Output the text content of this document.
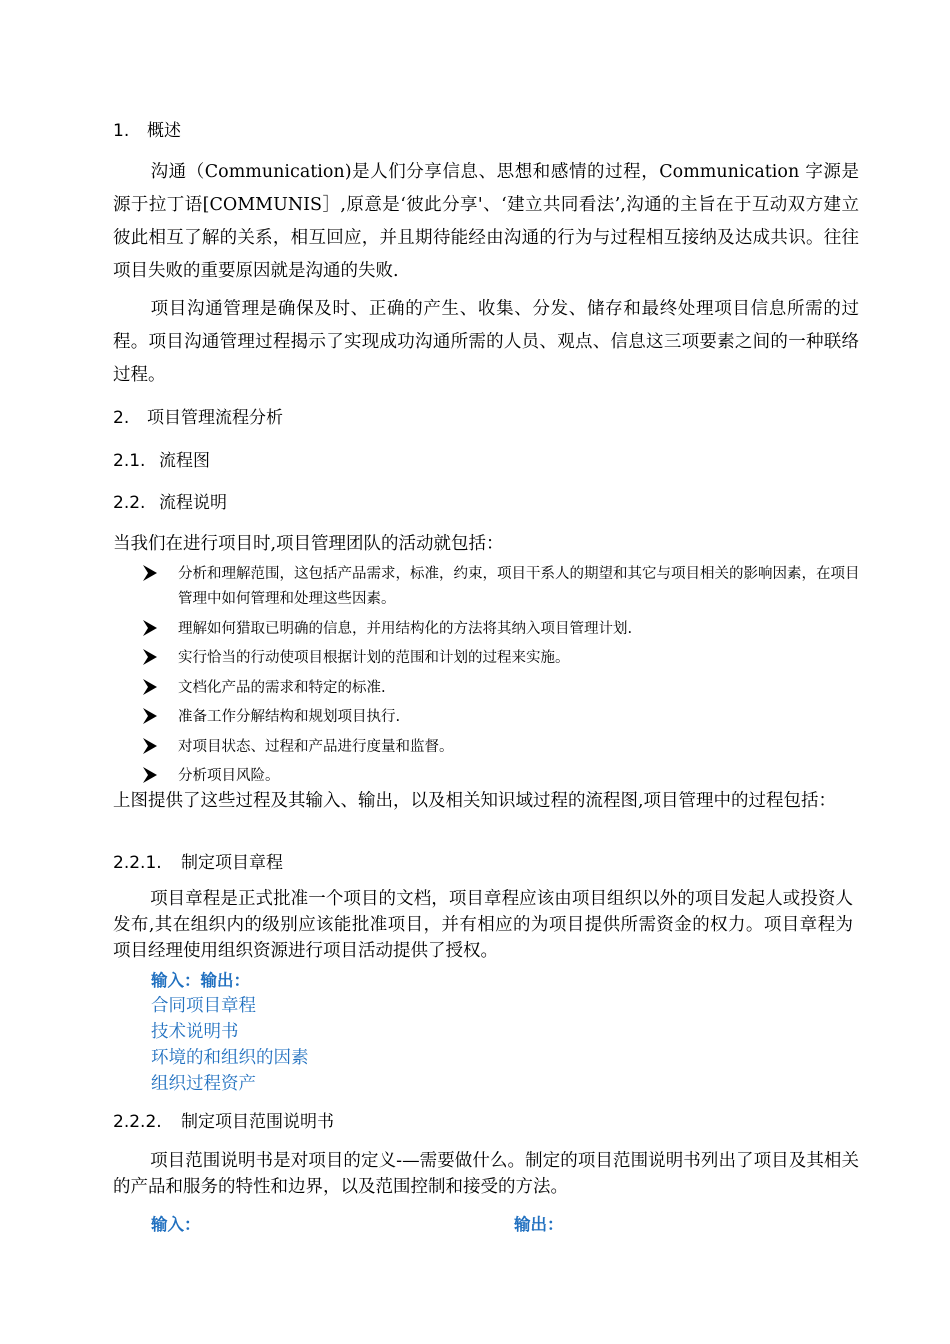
1. 概述
沟通（Communication)是人们分享信息、思想和感情的过程，Communication 字源是源于拉丁语[COMMUNIS］,原意是‘彼此分享'、‘建立共同看法’,沟通的主旨在于互动双方建立彼此相互了解的关系，相互回应，并且期待能经由沟通的行为与过程相互接纳及达成共识。往往项目失败的重要原因就是沟通的失败.
项目沟通管理是确保及时、正确的产生、收集、分发、储存和最终处理项目信息所需的过程。项目沟通管理过程揭示了实现成功沟通所需的人员、观点、信息这三项要素之间的一种联络过程。
2. 项目管理流程分析
2.1. 流程图
2.2. 流程说明
当我们在进行项目时,项目管理团队的活动就包括：
分析和理解范围，这包括产品需求，标准，约束，项目干系人的期望和其它与项目相关的影响因素，在项目管理中如何管理和处理这些因素。
理解如何猎取已明确的信息，并用结构化的方法将其纳入项目管理计划.
实行恰当的行动使项目根据计划的范围和计划的过程来实施。
文档化产品的需求和特定的标准.
准备工作分解结构和规划项目执行.
对项目状态、过程和产品进行度量和监督。
分析项目风险。
上图提供了这些过程及其输入、输出，以及相关知识域过程的流程图,项目管理中的过程包括：
2.2.1. 制定项目章程
项目章程是正式批准一个项目的文档，项目章程应该由项目组织以外的项目发起人或投资人发布,其在组织内的级别应该能批准项目，并有相应的为项目提供所需资金的权力。项目章程为项目经理使用组织资源进行项目活动提供了授权。
输入：输出：
合同项目章程
技术说明书
环境的和组织的因素
组织过程资产
2.2.2. 制定项目范围说明书
项目范围说明书是对项目的定义-—需要做什么。制定的项目范围说明书列出了项目及其相关的产品和服务的特性和边界，以及范围控制和接受的方法。
输入：	输出：
